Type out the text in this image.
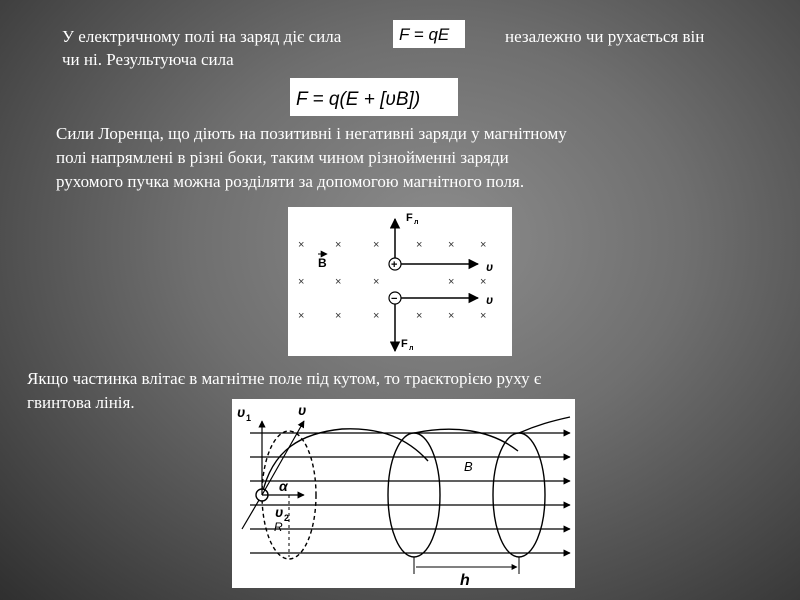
У електричному полі на заряд діє сила	F = qE	незалежно чи рухається він
чи ні. Результуюча сила
F = q(E + [υB])
Сили Лоренца, що діють на позитивні і негативні заряди у магнітному
полі напрямлені в різні боки, таким чином різнойменні заряди
рухомого пучка можна розділяти за допомогою магнітного поля.
×	×	×	× × ×
×	×	×	× ×
×	×	×	× × ×
B	+
F л
υ
−
F л
υ
Якщо частинка влітає в магнітне поле під кутом, то траєкторією руху є
гвинтова лінія.	υ 1	υ
υ 2
α
R
B
h
